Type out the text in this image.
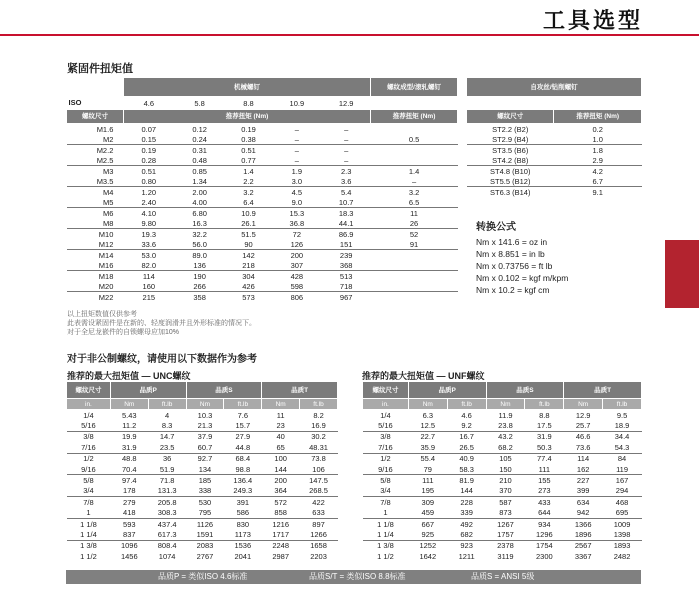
工具选型
紧固件扭矩值
	机械螺钉					螺纹成型/滚轧螺钉
ISO	4.6	5.8	8.8	10.9	12.9	
螺纹尺寸	推荐扭矩 (Nm)					推荐扭矩 (Nm)
M1.6	0.07	0.12	0.19	–	–	
M2	0.15	0.24	0.38	–	–	0.5
M2.2	0.19	0.31	0.51	–	–	
M2.5	0.28	0.48	0.77	–	–	
M3	0.51	0.85	1.4	1.9	2.3	1.4
M3.5	0.80	1.34	2.2	3.0	3.6	–
M4	1.20	2.00	3.2	4.5	5.4	3.2
M5	2.40	4.00	6.4	9.0	10.7	6.5
M6	4.10	6.80	10.9	15.3	18.3	11
M8	9.80	16.3	26.1	36.8	44.1	26
M10	19.3	32.2	51.5	72	86.9	52
M12	33.6	56.0	90	126	151	91
M14	53.0	89.0	142	200	239	
M16	82.0	136	218	307	368	
M18	114	190	304	428	513	
M20	160	266	426	598	718	
M22	215	358	573	806	967	
自攻丝/钻削螺钉	

螺纹尺寸	推荐扭矩 (Nm)
ST2.2 (B2)	0.2
ST2.9 (B4)	1.0
ST3.5 (B6)	1.8
ST4.2 (B8)	2.9
ST4.8 (B10)	4.2
ST5.5 (B12)	6.7
ST6.3 (B14)	9.1
转换公式
Nm x 141.6 = oz in
Nm x 8.851 = in lb
Nm x 0.73756 = ft lb
Nm x 0.102 = kgf m/kpm
Nm x 10.2 = kgf cm
以上扭矩数值仅供参考
此表需设紧固件是在新的、轻度润滑并且外形标准的情况下。
对于全尼龙嵌件的自锁螺母应加10%
对于非公制螺纹，请使用以下数据作为参考
推荐的最大扭矩值 — UNC螺纹	推荐的最大扭矩值 — UNF螺纹
螺纹尺寸	品质P		品质S		品质T	
in.	Nm	ft.lb	Nm	ft.lb	Nm	ft.lb
1/4	5.43	4	10.3	7.6	11	8.2
5/16	11.2	8.3	21.3	15.7	23	16.9
3/8	19.9	14.7	37.9	27.9	40	30.2
7/16	31.9	23.5	60.7	44.8	65	48.31
1/2	48.8	36	92.7	68.4	100	73.8
9/16	70.4	51.9	134	98.8	144	106
5/8	97.4	71.8	185	136.4	200	147.5
3/4	178	131.3	338	249.3	364	268.5
7/8	279	205.8	530	391	572	422
1	418	308.3	795	586	858	633
1 1/8	593	437.4	1126	830	1216	897
1 1/4	837	617.3	1591	1173	1717	1266
1 3/8	1096	808.4	2083	1536	2248	1658
1 1/2	1456	1074	2767	2041	2987	2203
螺纹尺寸	品质P		品质S		品质T	
in.	Nm	ft.lb	Nm	ft.lb	Nm	ft.lb
1/4	6.3	4.6	11.9	8.8	12.9	9.5
5/16	12.5	9.2	23.8	17.5	25.7	18.9
3/8	22.7	16.7	43.2	31.9	46.6	34.4
7/16	35.9	26.5	68.2	50.3	73.6	54.3
1/2	55.4	40.9	105	77.4	114	84
9/16	79	58.3	150	111	162	119
5/8	111	81.9	210	155	227	167
3/4	195	144	370	273	399	294
7/8	309	228	587	433	634	468
1	459	339	873	644	942	695
1 1/8	667	492	1267	934	1366	1009
1 1/4	925	682	1757	1296	1896	1398
1 3/8	1252	923	2378	1754	2567	1893
1 1/2	1642	1211	3119	2300	3367	2482
品质P = 类似ISO 4.6标准	品质S/T = 类似ISO 8.8标准	品质S = ANSI 5级
